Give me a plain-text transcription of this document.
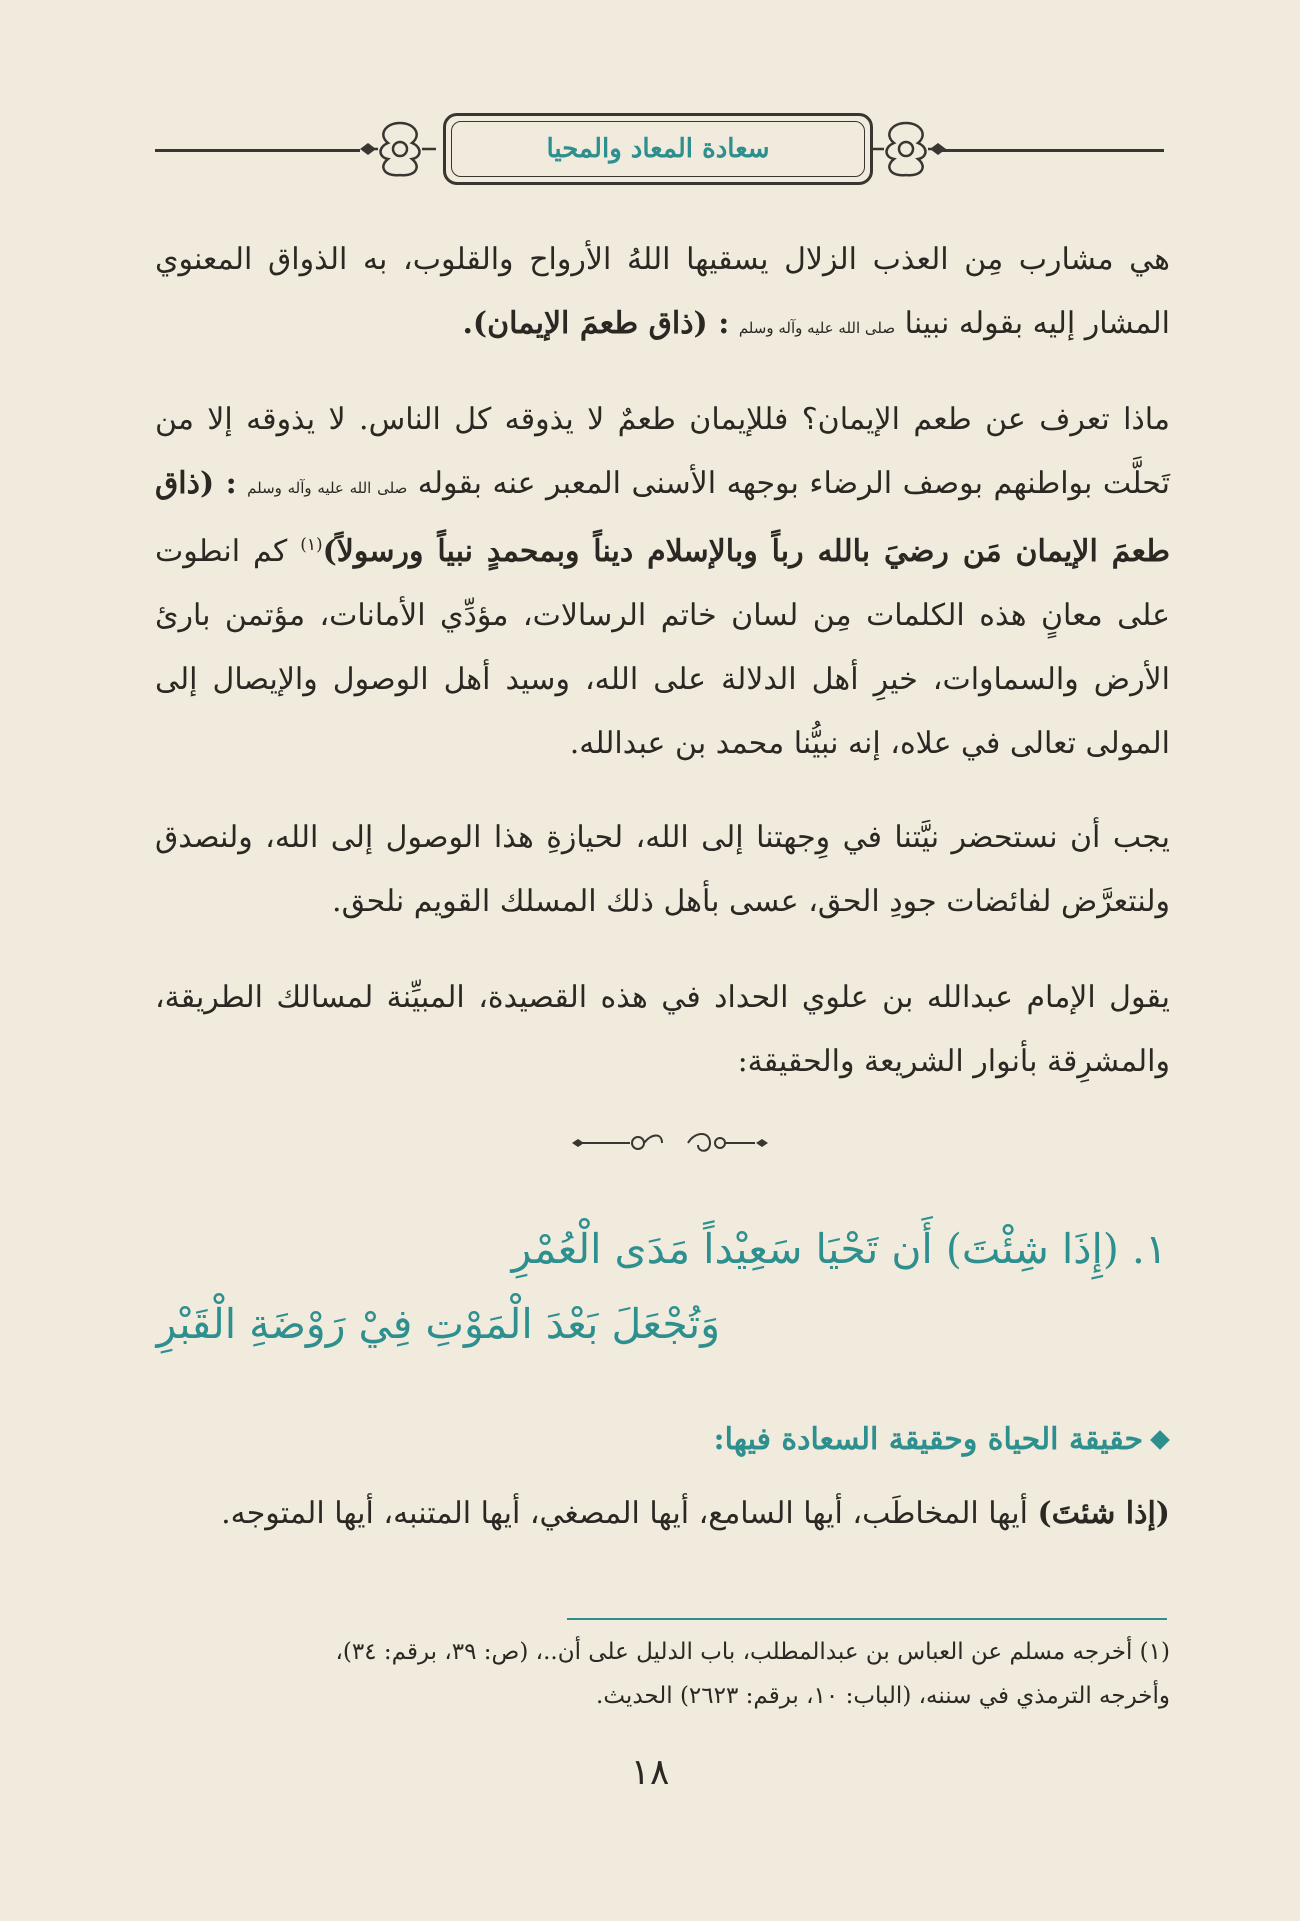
سعادة المعاد والمحيا
هي مشارب مِن العذب الزلال يسقيها اللهُ الأرواح والقلوب، به الذواق المعنوي المشار إليه بقوله نبينا صلى الله عليه وآله وسلم : (ذاق طعمَ الإيمان).
ماذا تعرف عن طعم الإيمان؟ فللإيمان طعمٌ لا يذوقه كل الناس. لا يذوقه إلا من تَحلَّت بواطنهم بوصف الرضاء بوجهه الأسنى المعبر عنه بقوله صلى الله عليه وآله وسلم : (ذاق طعمَ الإيمان مَن رضيَ بالله رباً وبالإسلام ديناً وبمحمدٍ نبياً ورسولاً)$^{(١)}$ كم انطوت على معانٍ هذه الكلمات مِن لسان خاتم الرسالات، مؤدِّي الأمانات، مؤتمن بارئ الأرض والسماوات، خيرِ أهل الدلالة على الله، وسيد أهل الوصول والإيصال إلى المولى تعالى في علاه، إنه نبيُّنا محمد بن عبدالله.
يجب أن نستحضر نيَّتنا في وِجهتنا إلى الله، لحيازةِ هذا الوصول إلى الله، ولنصدق ولنتعرَّض لفائضات جودِ الحق، عسى بأهل ذلك المسلك القويم نلحق.
يقول الإمام عبدالله بن علوي الحداد في هذه القصيدة، المبيِّنة لمسالك الطريقة، والمشرِقة بأنوار الشريعة والحقيقة:
١. (إِذَا شِئْتَ) أَن تَحْيَا سَعِيْداً مَدَى الْعُمْرِ
وَتُجْعَلَ بَعْدَ الْمَوْتِ فِيْ رَوْضَةِ الْقَبْرِ
حقيقة الحياة وحقيقة السعادة فيها:
(إذا شئتَ) أيها المخاطَب، أيها السامع، أيها المصغي، أيها المتنبه، أيها المتوجه.
(١) أخرجه مسلم عن العباس بن عبدالمطلب، باب الدليل على أن..، (ص: ٣٩، برقم: ٣٤)،
وأخرجه الترمذي في سننه، (الباب: ١٠، برقم: ٢٦٢٣) الحديث.
١٨
